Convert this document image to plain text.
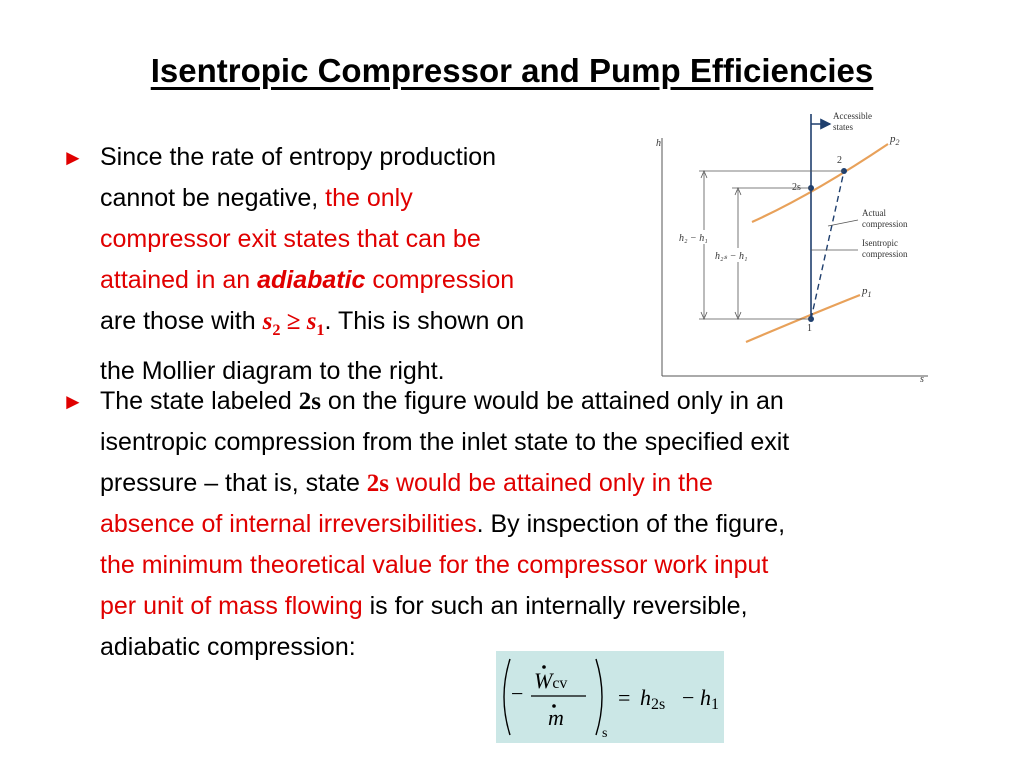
Isentropic Compressor and Pump Efficiencies
► Since the rate of entropy production
cannot be negative, the only
compressor exit states that can be
attained in an adiabatic compression
are those with $s_2 \ge s_1$. This is shown on
the Mollier diagram to the right.
► The state labeled 2s on the figure would be attained only in an
isentropic compression from the inlet state to the specified exit
pressure – that is, state 2s would be attained only in the
absence of internal irreversibilities. By inspection of the figure,
the minimum theoretical value for the compressor work input
per unit of mass flowing is for such an internally reversible,
adiabatic compression:
h
s
$p_2$
$p_1$
Accessible states
2
2s
1
h₂ − h₁
h₂ₛ − h₁
Actual compression
Isentropic compression
−
Wcv
m
s
= h2s − h1
